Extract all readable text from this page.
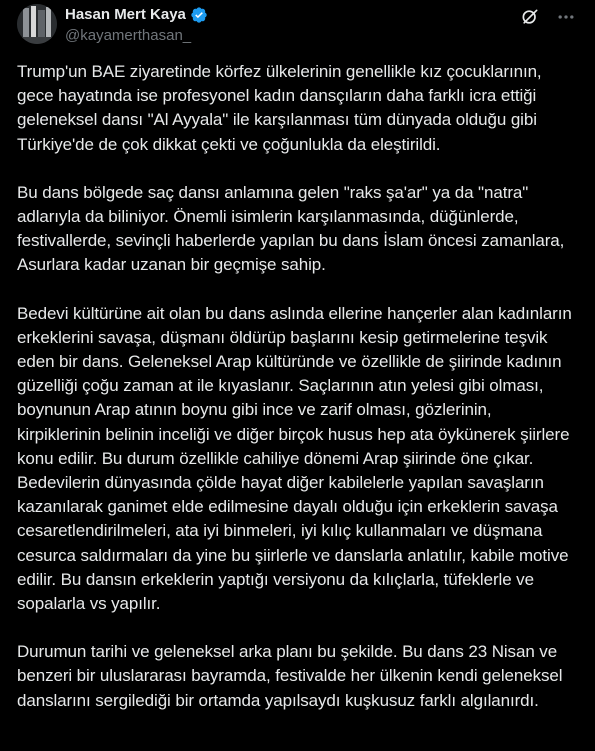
Hasan Mert Kaya
@kayamerthasan_

Trump'un BAE ziyaretinde körfez ülkelerinin genellikle kız çocuklarının, gece hayatında ise profesyonel kadın dansçıların daha farklı icra ettiği geleneksel dansı "Al Ayyala" ile karşılanması tüm dünyada olduğu gibi Türkiye'de de çok dikkat çekti ve çoğunlukla da eleştirildi.

Bu dans bölgede saç dansı anlamına gelen "raks şa'ar" ya da "natra" adlarıyla da biliniyor. Önemli isimlerin karşılanmasında, düğünlerde, festivallerde, sevinçli haberlerde yapılan bu dans İslam öncesi zamanlara, Asurlara kadar uzanan bir geçmişe sahip.

Bedevi kültürüne ait olan bu dans aslında ellerine hançerler alan kadınların erkeklerini savaşa, düşmanı öldürüp başlarını kesip getirmelerine teşvik eden bir dans. Geleneksel Arap kültüründe ve özellikle de şiirinde kadının güzelliği çoğu zaman at ile kıyaslanır. Saçlarının atın yelesi gibi olması, boynunun Arap atının boynu gibi ince ve zarif olması, gözlerinin, kirpiklerinin belinin inceliği ve diğer birçok husus hep ata öykünerek şiirlere konu edilir. Bu durum özellikle cahiliye dönemi Arap şiirinde öne çıkar. Bedevilerin dünyasında çölde hayat diğer kabilelerle yapılan savaşların kazanılarak ganimet elde edilmesine dayalı olduğu için erkeklerin savaşa cesaretlendirilmeleri, ata iyi binmeleri, iyi kılıç kullanmaları ve düşmana cesurca saldırmaları da yine bu şiirlerle ve danslarla anlatılır, kabile motive edilir. Bu dansın erkeklerin yaptığı versiyonu da kılıçlarla, tüfeklerle ve sopalarla vs yapılır.

Durumun tarihi ve geleneksel arka planı bu şekilde. Bu dans 23 Nisan ve benzeri bir uluslararası bayramda, festivalde her ülkenin kendi geleneksel danslarını sergilediği bir ortamda yapılsaydı kuşkusuz farklı algılanırdı.
